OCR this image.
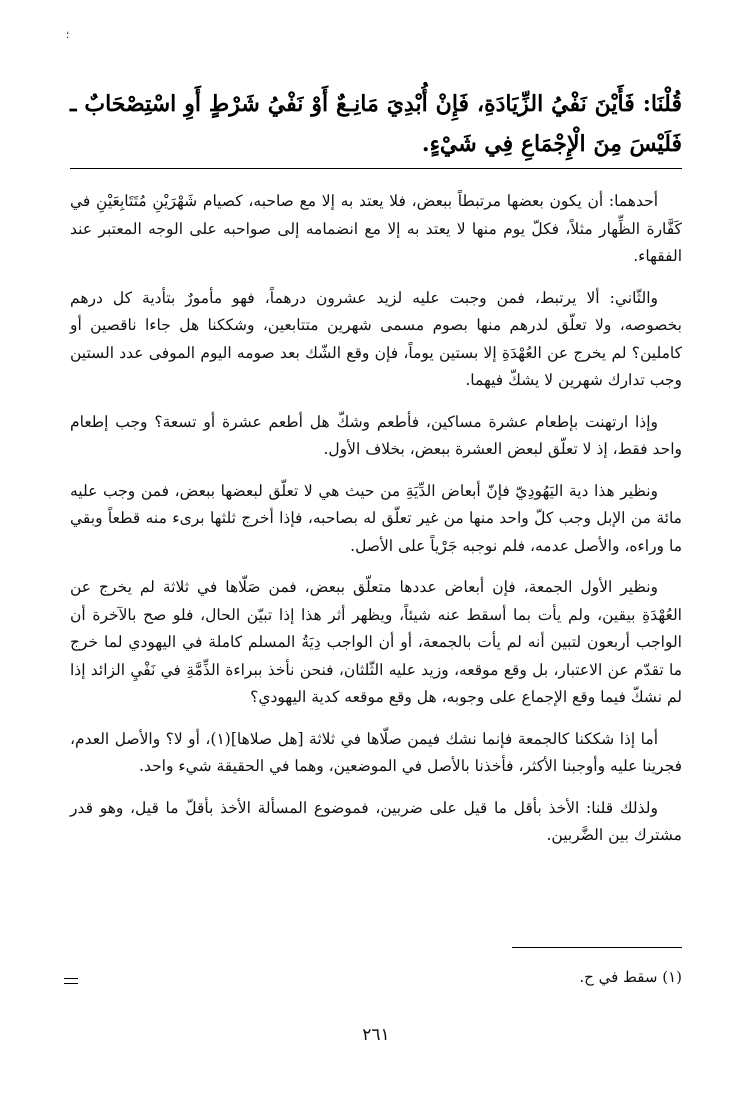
؛
قُلْنَا: فَأَيْنَ نَفْيُ الزِّيَادَةِ، فَإِنْ أُبْدِيَ مَانِـعٌ أَوْ نَفْيُ شَرْطٍ أَوِ اسْتِصْحَابٌ ـ فَلَيْسَ مِنَ الْإِجْمَاعِ فِي شَيْءٍ.

أحدهما: أن يكون بعضها مرتبطاً ببعض، فلا يعتد به إلا مع صاحبه، كصيام شَهْرَيْنِ مُتَتَابِعَيْنِ في كَفَّارة الظِّهار مثلاً، فكلّ يوم منها لا يعتد به إلا مع انضمامه إلى صواحبه على الوجه المعتبر عند الفقهاء.

والثّاني: ألا يرتبط، فمن وجبت عليه لزيد عشرون درهماً، فهو مأمورٌ بتأدية كل درهم بخصوصه، ولا تعلّق لدرهم منها بصوم مسمى شهرين متتابعين، وشككنا هل جاءا ناقصين أو كاملين؟ لم يخرج عن العُهْدَةِ إلا بستين يوماً، فإن وقع الشّك بعد صومه اليوم الموفى عدد الستين وجب تدارك شهرين لا يشكّ فيهما.

وإذا ارتهنت بإطعام عشرة مساكين، فأطعم وشكّ هل أطعم عشرة أو تسعة؟ وجب إطعام واحد فقط، إذ لا تعلّق لبعض العشرة ببعض، بخلاف الأول.

ونظير هذا دية اليَهُودِيّ فإنّ أبعاض الدِّيَةِ من حيث هي لا تعلّق لبعضها ببعض، فمن وجب عليه مائة من الإبل وجب كلّ واحد منها من غير تعلّق له بصاحبه، فإذا أخرج ثلثها برىء منه قطعاً وبقي ما وراءه، والأصل عدمه، فلم نوجبه جَرْياً على الأصل.

ونظير الأول الجمعة، فإن أبعاض عددها متعلّق ببعض، فمن صَلّاها في ثلاثة لم يخرج عن العُهْدَةِ بيقين، ولم يأت بما أسقط عنه شيئاً، ويظهر أثر هذا إذا تبيّن الحال، فلو صح بالآخرة أن الواجب أربعون لتبين أنه لم يأت بالجمعة، أو أن الواجب دِيَةُ المسلم كاملة في اليهودي لما خرج ما تقدّم عن الاعتبار، بل وقع موقعه، وزيد عليه الثّلثان، فنحن نأخذ ببراءة الذِّمَّةِ في نَفْيِ الزائد إذا لم نشكّ فيما وقع الإجماع على وجوبه، هل وقع موقعه كدية اليهودي؟

أما إذا شككنا كالجمعة فإنما نشك فيمن صلّاها في ثلاثة [هل صلاها](١)، أو لا؟ والأصل العدم، فجرينا عليه وأوجبنا الأكثر، فأخذنا بالأصل في الموضعين، وهما في الحقيقة شيء واحد.

ولذلك قلنا: الأخذ بأقل ما قيل على ضربين، فموضوع المسألة الأخذ بأقلّ ما قيل، وهو قدر مشترك بين الضَّربين.

(١) سقط في ح.
٢٦١
